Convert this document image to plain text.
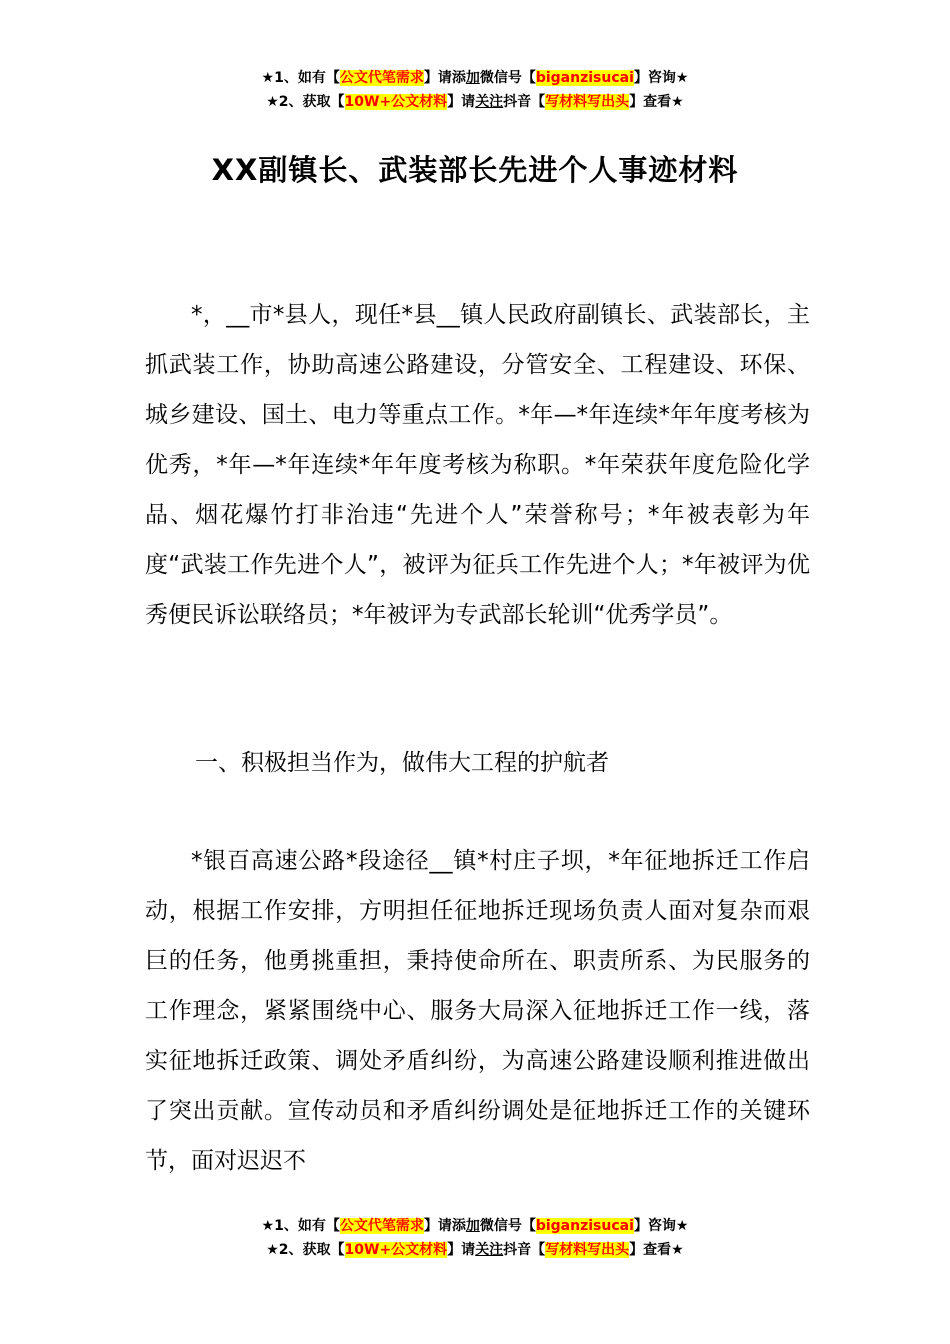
★1、如有【公文代笔需求】请添加微信号【biganzisucai】咨询★
★2、获取【10W+公文材料】请关注抖音【写材料写出头】查看★
XX副镇长、武装部长先进个人事迹材料

*，__市*县人，现任*县__镇人民政府副镇长、武装部长，主抓武装工作，协助高速公路建设，分管安全、工程建设、环保、城乡建设、国土、电力等重点工作。*年—*年连续*年年度考核为优秀，*年—*年连续*年年度考核为称职。*年荣获年度危险化学品、烟花爆竹打非治违“先进个人”荣誉称号；*年被表彰为年度“武装工作先进个人”，被评为征兵工作先进个人；*年被评为优秀便民诉讼联络员；*年被评为专武部长轮训“优秀学员”。

一、积极担当作为，做伟大工程的护航者

*银百高速公路*段途径__镇*村庄子坝，*年征地拆迁工作启动，根据工作安排，方明担任征地拆迁现场负责人面对复杂而艰巨的任务，他勇挑重担，秉持使命所在、职责所系、为民服务的工作理念，紧紧围绕中心、服务大局深入征地拆迁工作一线，落实征地拆迁政策、调处矛盾纠纷，为高速公路建设顺利推进做出了突出贡献。宣传动员和矛盾纠纷调处是征地拆迁工作的关键环节，面对迟迟不

★1、如有【公文代笔需求】请添加微信号【biganzisucai】咨询★
★2、获取【10W+公文材料】请关注抖音【写材料写出头】查看★
